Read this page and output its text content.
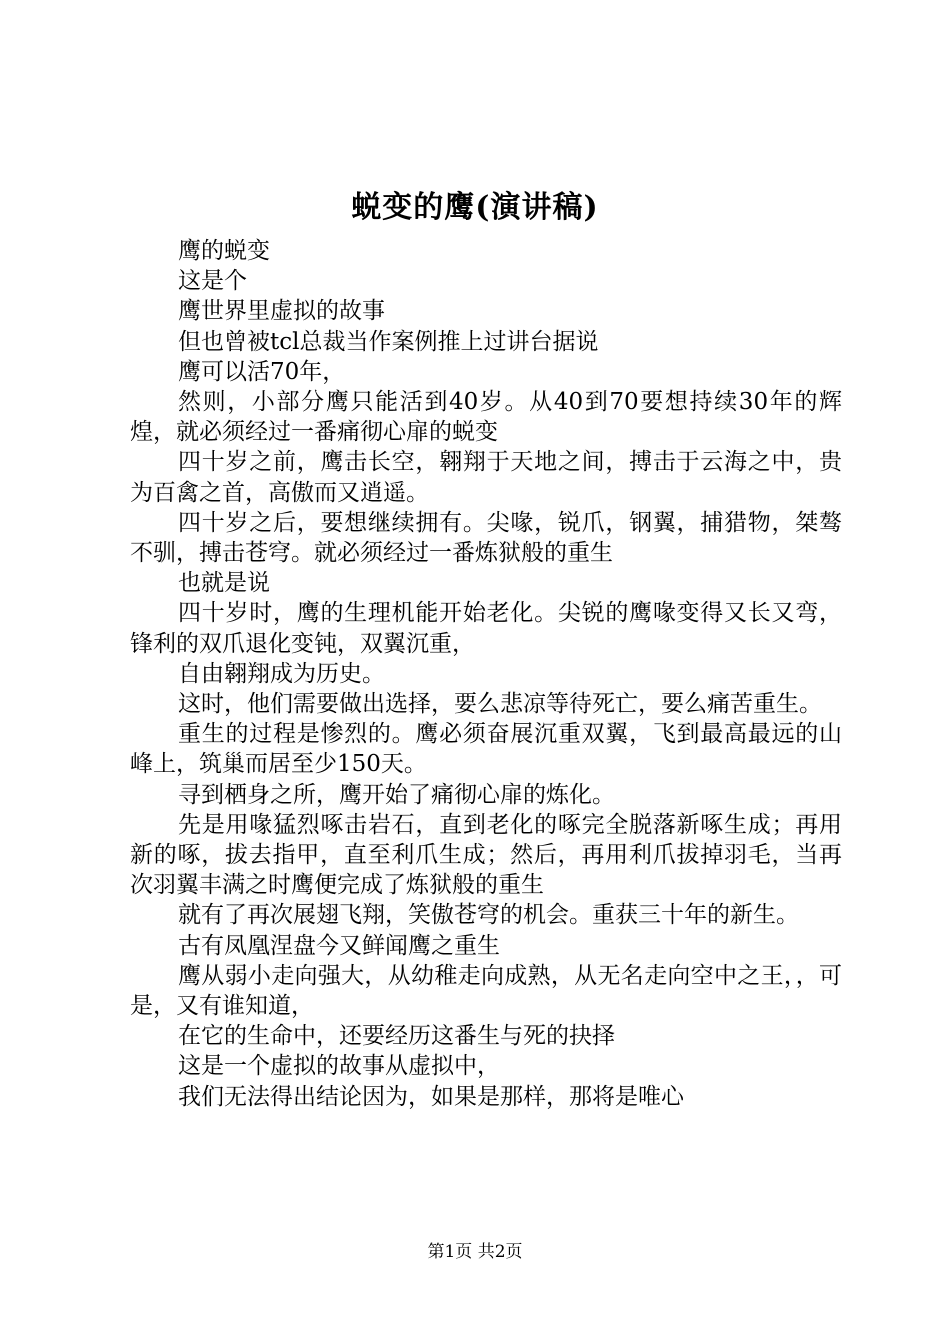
蜕变的鹰(演讲稿)

鹰的蜕变

这是个

鹰世界里虚拟的故事

但也曾被tcl总裁当作案例推上过讲台据说

鹰可以活70年，

然则，小部分鹰只能活到40岁。从40到70要想持续30年的辉煌，就必须经过一番痛彻心扉的蜕变

四十岁之前，鹰击长空，翱翔于天地之间，搏击于云海之中，贵为百禽之首，高傲而又逍遥。

四十岁之后，要想继续拥有。尖喙，锐爪，钢翼，捕猎物，桀骜不驯，搏击苍穹。就必须经过一番炼狱般的重生

也就是说

四十岁时，鹰的生理机能开始老化。尖锐的鹰喙变得又长又弯，锋利的双爪退化变钝，双翼沉重，

自由翱翔成为历史。

这时，他们需要做出选择，要么悲凉等待死亡，要么痛苦重生。

重生的过程是惨烈的。鹰必须奋展沉重双翼，飞到最高最远的山峰上，筑巢而居至少150天。

寻到栖身之所，鹰开始了痛彻心扉的炼化。

先是用喙猛烈啄击岩石，直到老化的啄完全脱落新啄生成；再用新的啄，拔去指甲，直至利爪生成；然后，再用利爪拔掉羽毛，当再次羽翼丰满之时鹰便完成了炼狱般的重生

就有了再次展翅飞翔，笑傲苍穹的机会。重获三十年的新生。

古有凤凰涅盘今又鲜闻鹰之重生

鹰从弱小走向强大，从幼稚走向成熟，从无名走向空中之王，，可是，又有谁知道，

在它的生命中，还要经历这番生与死的抉择

这是一个虚拟的故事从虚拟中，

我们无法得出结论因为，如果是那样，那将是唯心

第1页 共2页
